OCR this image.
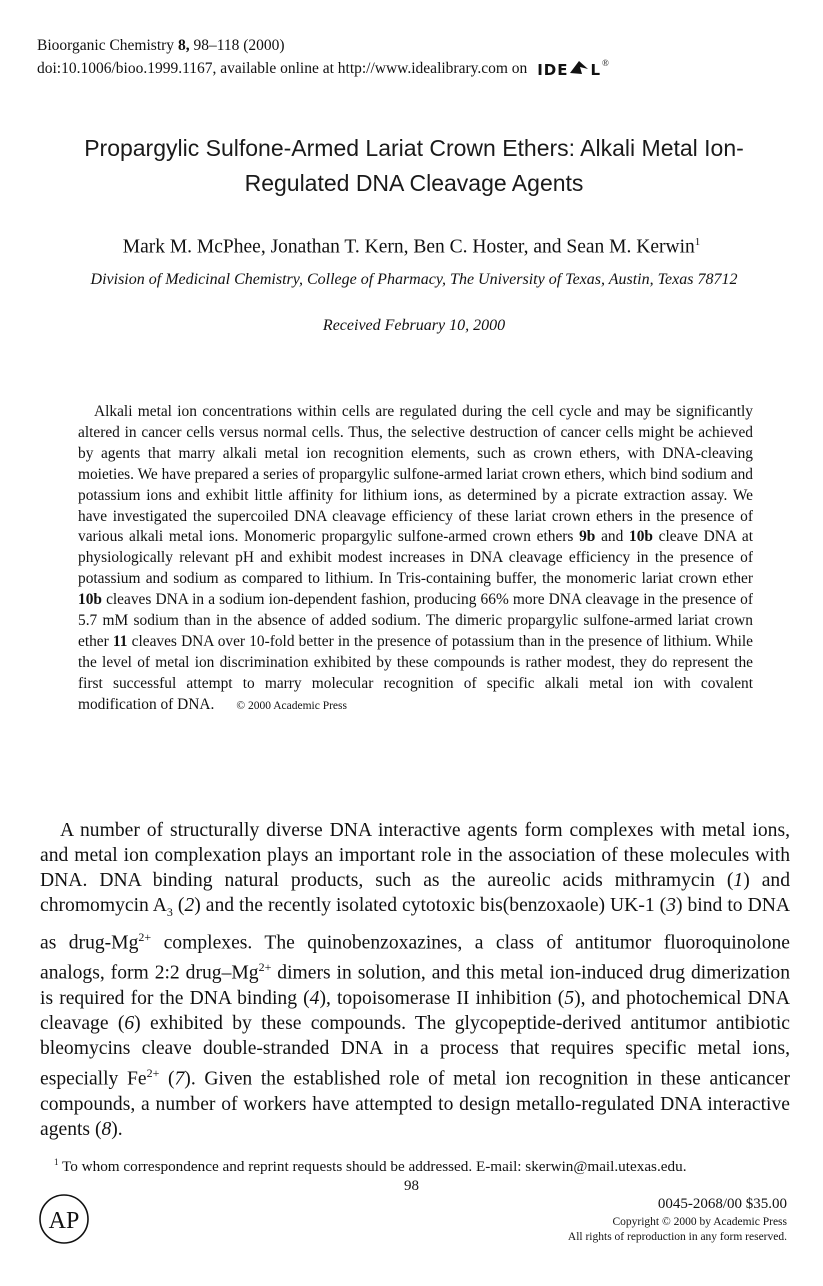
Bioorganic Chemistry 8, 98–118 (2000)
doi:10.1006/bioo.1999.1167, available online at http://www.idealibrary.com on IDE L ®
Propargylic Sulfone-Armed Lariat Crown Ethers: Alkali Metal Ion-Regulated DNA Cleavage Agents
Mark M. McPhee, Jonathan T. Kern, Ben C. Hoster, and Sean M. Kerwin$^1$
Division of Medicinal Chemistry, College of Pharmacy, The University of Texas, Austin, Texas 78712
Received February 10, 2000
Alkali metal ion concentrations within cells are regulated during the cell cycle and may be significantly altered in cancer cells versus normal cells. Thus, the selective destruction of cancer cells might be achieved by agents that marry alkali metal ion recognition elements, such as crown ethers, with DNA-cleaving moieties. We have prepared a series of propargylic sulfone-armed lariat crown ethers, which bind sodium and potassium ions and exhibit little affinity for lithium ions, as determined by a picrate extraction assay. We have investigated the supercoiled DNA cleavage efficiency of these lariat crown ethers in the presence of various alkali metal ions. Monomeric propargylic sulfone-armed crown ethers 9b and 10b cleave DNA at physiologically relevant pH and exhibit modest increases in DNA cleavage efficiency in the presence of potassium and sodium as compared to lithium. In Tris-containing buffer, the monomeric lariat crown ether 10b cleaves DNA in a sodium ion-dependent fashion, producing 66% more DNA cleavage in the presence of 5.7 mM sodium than in the absence of added sodium. The dimeric propargylic sulfone-armed lariat crown ether 11 cleaves DNA over 10-fold better in the presence of potassium than in the presence of lithium. While the level of metal ion discrimination exhibited by these compounds is rather modest, they do represent the first successful attempt to marry molecular recognition of specific alkali metal ion with covalent modification of DNA. © 2000 Academic Press
A number of structurally diverse DNA interactive agents form complexes with metal ions, and metal ion complexation plays an important role in the association of these molecules with DNA. DNA binding natural products, such as the aureolic acids mithramycin (1) and chromomycin $A_3$ (2) and the recently isolated cytotoxic bis(benzoxaole) UK-1 (3) bind to DNA as drug-$Mg^{2+}$ complexes. The quinobenzoxazines, a class of antitumor fluoroquinolone analogs, form 2:2 drug–$Mg^{2+}$ dimers in solution, and this metal ion-induced drug dimerization is required for the DNA binding (4), topoisomerase II inhibition (5), and photochemical DNA cleavage (6) exhibited by these compounds. The glycopeptide-derived antitumor antibiotic bleomycins cleave double-stranded DNA in a process that requires specific metal ions, especially $Fe^{2+}$ (7). Given the established role of metal ion recognition in these anticancer compounds, a number of workers have attempted to design metallo-regulated DNA interactive agents (8).
$^1$ To whom correspondence and reprint requests should be addressed. E-mail: skerwin@mail.utexas.edu.
98
AP
0045-2068/00 $35.00
Copyright © 2000 by Academic Press
All rights of reproduction in any form reserved.
